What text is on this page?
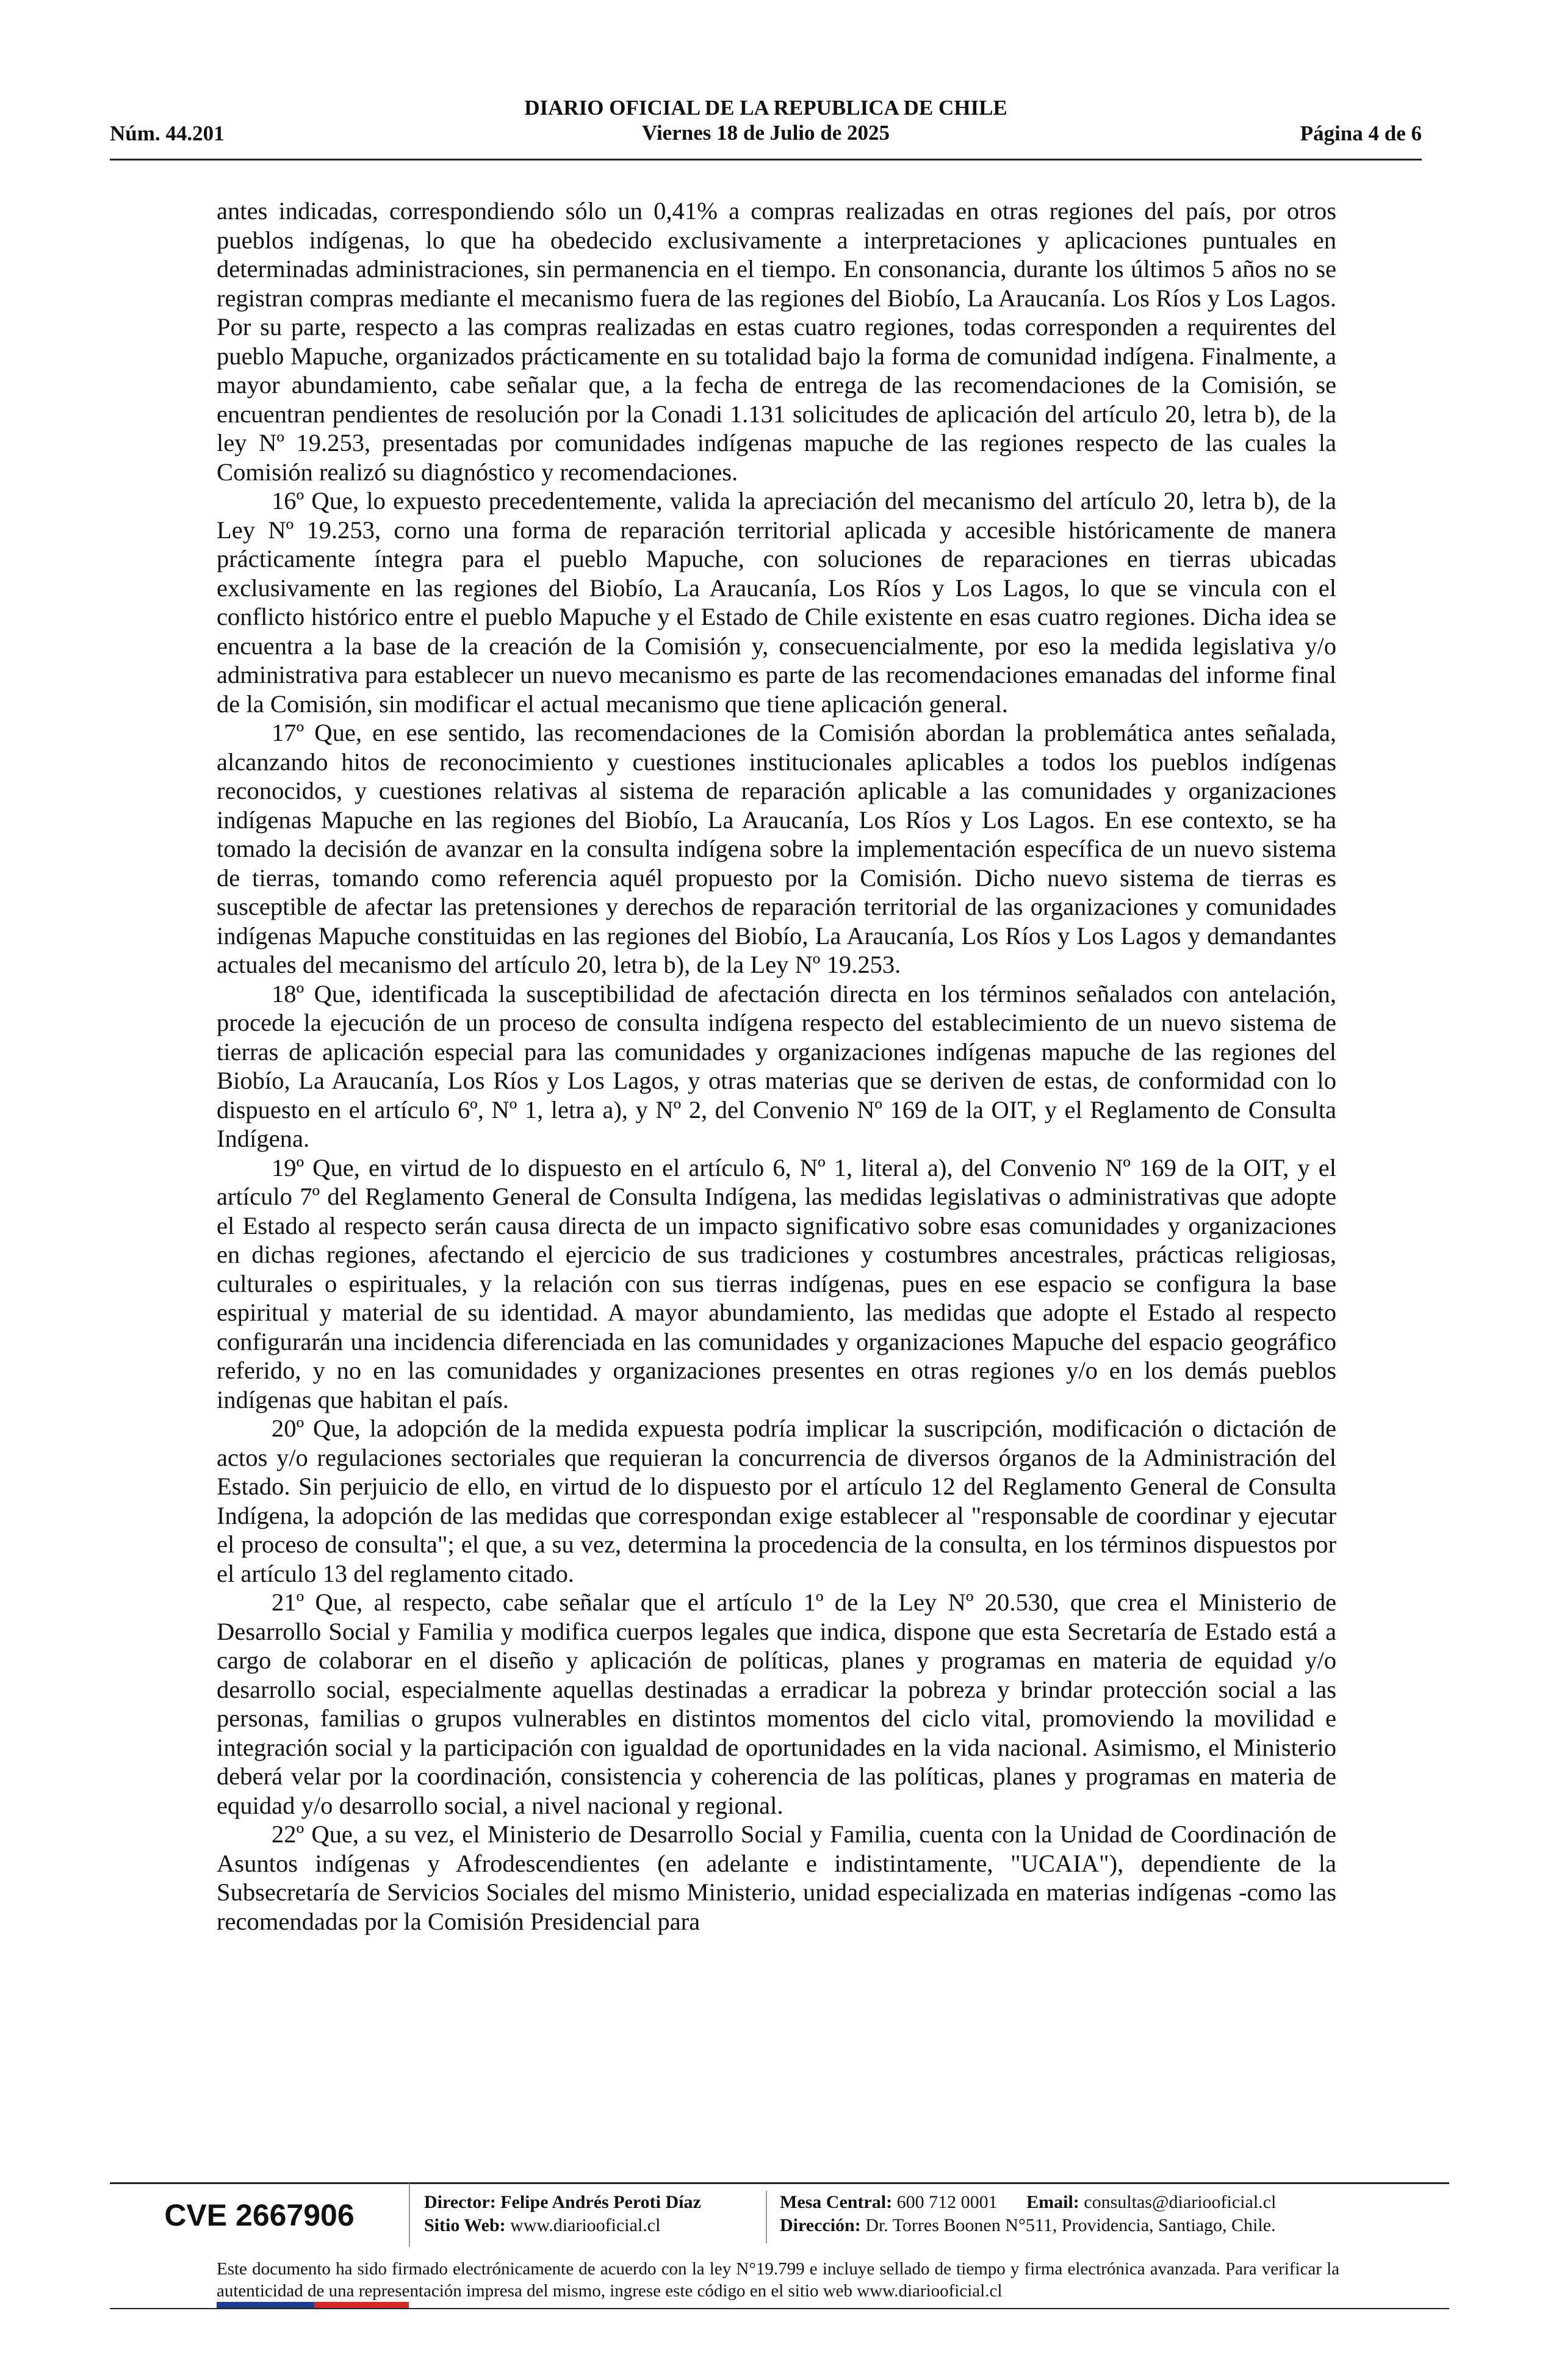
DIARIO OFICIAL DE LA REPUBLICA DE CHILE
Viernes 18 de Julio de 2025
Núm. 44.201	Página 4 de 6

antes indicadas, correspondiendo sólo un 0,41% a compras realizadas en otras regiones del país, por otros pueblos indígenas, lo que ha obedecido exclusivamente a interpretaciones y aplicaciones puntuales en determinadas administraciones, sin permanencia en el tiempo. En consonancia, durante los últimos 5 años no se registran compras mediante el mecanismo fuera de las regiones del Biobío, La Araucanía. Los Ríos y Los Lagos. Por su parte, respecto a las compras realizadas en estas cuatro regiones, todas corresponden a requirentes del pueblo Mapuche, organizados prácticamente en su totalidad bajo la forma de comunidad indígena. Finalmente, a mayor abundamiento, cabe señalar que, a la fecha de entrega de las recomendaciones de la Comisión, se encuentran pendientes de resolución por la Conadi 1.131 solicitudes de aplicación del artículo 20, letra b), de la ley Nº 19.253, presentadas por comunidades indígenas mapuche de las regiones respecto de las cuales la Comisión realizó su diagnóstico y recomendaciones.

16º Que, lo expuesto precedentemente, valida la apreciación del mecanismo del artículo 20, letra b), de la Ley Nº 19.253, corno una forma de reparación territorial aplicada y accesible históricamente de manera prácticamente íntegra para el pueblo Mapuche, con soluciones de reparaciones en tierras ubicadas exclusivamente en las regiones del Biobío, La Araucanía, Los Ríos y Los Lagos, lo que se vincula con el conflicto histórico entre el pueblo Mapuche y el Estado de Chile existente en esas cuatro regiones. Dicha idea se encuentra a la base de la creación de la Comisión y, consecuencialmente, por eso la medida legislativa y/o administrativa para establecer un nuevo mecanismo es parte de las recomendaciones emanadas del informe final de la Comisión, sin modificar el actual mecanismo que tiene aplicación general.

17º Que, en ese sentido, las recomendaciones de la Comisión abordan la problemática antes señalada, alcanzando hitos de reconocimiento y cuestiones institucionales aplicables a todos los pueblos indígenas reconocidos, y cuestiones relativas al sistema de reparación aplicable a las comunidades y organizaciones indígenas Mapuche en las regiones del Biobío, La Araucanía, Los Ríos y Los Lagos. En ese contexto, se ha tomado la decisión de avanzar en la consulta indígena sobre la implementación específica de un nuevo sistema de tierras, tomando como referencia aquél propuesto por la Comisión. Dicho nuevo sistema de tierras es susceptible de afectar las pretensiones y derechos de reparación territorial de las organizaciones y comunidades indígenas Mapuche constituidas en las regiones del Biobío, La Araucanía, Los Ríos y Los Lagos y demandantes actuales del mecanismo del artículo 20, letra b), de la Ley Nº 19.253.

18º Que, identificada la susceptibilidad de afectación directa en los términos señalados con antelación, procede la ejecución de un proceso de consulta indígena respecto del establecimiento de un nuevo sistema de tierras de aplicación especial para las comunidades y organizaciones indígenas mapuche de las regiones del Biobío, La Araucanía, Los Ríos y Los Lagos, y otras materias que se deriven de estas, de conformidad con lo dispuesto en el artículo 6º, Nº 1, letra a), y Nº 2, del Convenio Nº 169 de la OIT, y el Reglamento de Consulta Indígena.

19º Que, en virtud de lo dispuesto en el artículo 6, Nº 1, literal a), del Convenio Nº 169 de la OIT, y el artículo 7º del Reglamento General de Consulta Indígena, las medidas legislativas o administrativas que adopte el Estado al respecto serán causa directa de un impacto significativo sobre esas comunidades y organizaciones en dichas regiones, afectando el ejercicio de sus tradiciones y costumbres ancestrales, prácticas religiosas, culturales o espirituales, y la relación con sus tierras indígenas, pues en ese espacio se configura la base espiritual y material de su identidad. A mayor abundamiento, las medidas que adopte el Estado al respecto configurarán una incidencia diferenciada en las comunidades y organizaciones Mapuche del espacio geográfico referido, y no en las comunidades y organizaciones presentes en otras regiones y/o en los demás pueblos indígenas que habitan el país.

20º Que, la adopción de la medida expuesta podría implicar la suscripción, modificación o dictación de actos y/o regulaciones sectoriales que requieran la concurrencia de diversos órganos de la Administración del Estado. Sin perjuicio de ello, en virtud de lo dispuesto por el artículo 12 del Reglamento General de Consulta Indígena, la adopción de las medidas que correspondan exige establecer al "responsable de coordinar y ejecutar el proceso de consulta"; el que, a su vez, determina la procedencia de la consulta, en los términos dispuestos por el artículo 13 del reglamento citado.

21º Que, al respecto, cabe señalar que el artículo 1º de la Ley Nº 20.530, que crea el Ministerio de Desarrollo Social y Familia y modifica cuerpos legales que indica, dispone que esta Secretaría de Estado está a cargo de colaborar en el diseño y aplicación de políticas, planes y programas en materia de equidad y/o desarrollo social, especialmente aquellas destinadas a erradicar la pobreza y brindar protección social a las personas, familias o grupos vulnerables en distintos momentos del ciclo vital, promoviendo la movilidad e integración social y la participación con igualdad de oportunidades en la vida nacional. Asimismo, el Ministerio deberá velar por la coordinación, consistencia y coherencia de las políticas, planes y programas en materia de equidad y/o desarrollo social, a nivel nacional y regional.

22º Que, a su vez, el Ministerio de Desarrollo Social y Familia, cuenta con la Unidad de Coordinación de Asuntos indígenas y Afrodescendientes (en adelante e indistintamente, "UCAIA"), dependiente de la Subsecretaría de Servicios Sociales del mismo Ministerio, unidad especializada en materias indígenas -como las recomendadas por la Comisión Presidencial para

CVE 2667906	Director: Felipe Andrés Peroti Díaz
Sitio Web: www.diariooficial.cl
Mesa Central: 600 712 0001 Email: consultas@diariooficial.cl
Dirección: Dr. Torres Boonen N°511, Providencia, Santiago, Chile.
Este documento ha sido firmado electrónicamente de acuerdo con la ley N°19.799 e incluye sellado de tiempo y firma electrónica avanzada. Para verificar la autenticidad de una representación impresa del mismo, ingrese este código en el sitio web www.diariooficial.cl
